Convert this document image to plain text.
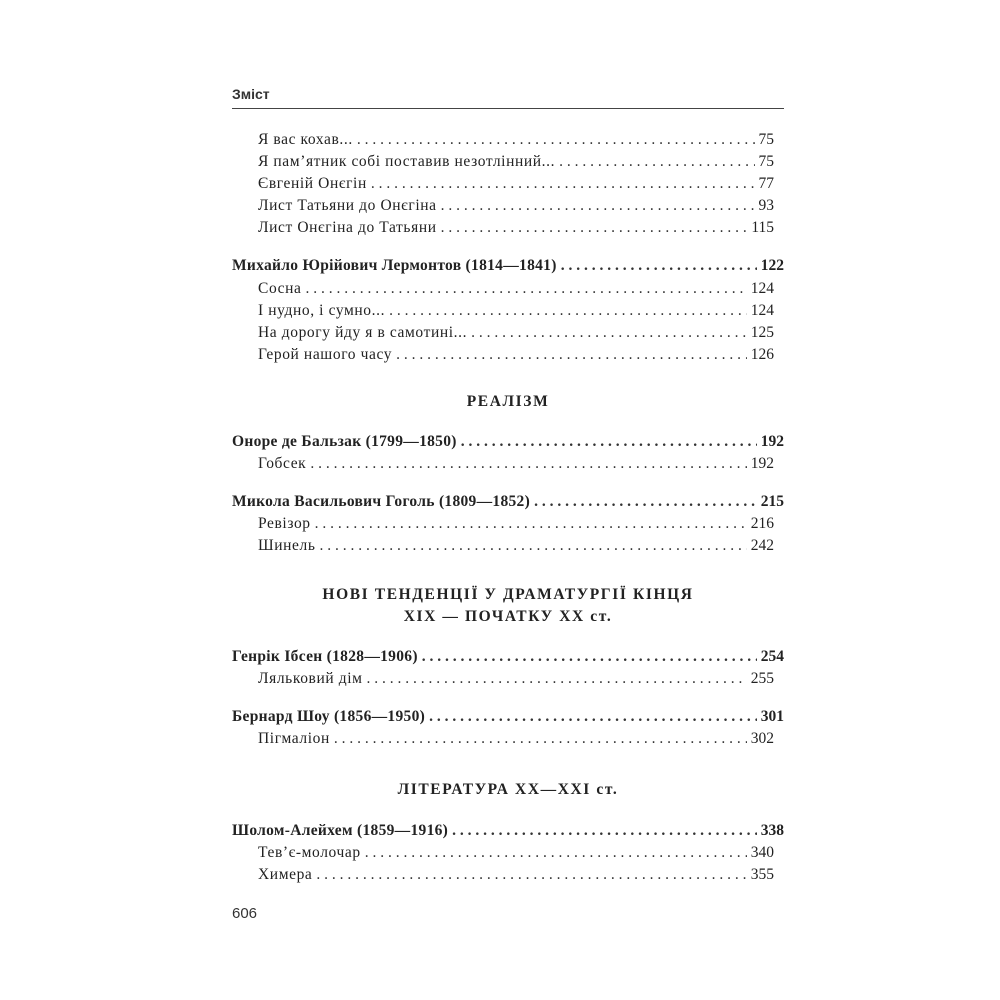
Зміст
Я вас кохав... . . .	75
Я пам’ятник собі поставив незотлінний... . . .	75
Євгеній Онєгін . . .	77
Лист Татьяни до Онєгіна . . .	93
Лист Онєгіна до Татьяни . . .	115
Михайло Юрійович Лермонтов (1814—1841) . . .	122
Сосна . . .	124
І нудно, і сумно... . . .	124
На дорогу йду я в самотині... . . .	125
Герой нашого часу . . .	126
РЕАЛІЗМ
Оноре де Бальзак (1799—1850) . . .	192
Гобсек . . .	192
Микола Васильович Гоголь (1809—1852) . . .	215
Ревізор . . .	216
Шинель . . .	242
НОВІ ТЕНДЕНЦІЇ У ДРАМАТУРГІЇ КІНЦЯ
XIX — ПОЧАТКУ XX ст.
Генрік Ібсен (1828—1906) . . .	254
Ляльковий дім . . .	255
Бернард Шоу (1856—1950) . . .	301
Пігмаліон . . .	302
ЛІТЕРАТУРА XX—XXI ст.
Шолом-Алейхем (1859—1916) . . .	338
Тев’є-молочар . . .	340
Химера . . .	355
606
